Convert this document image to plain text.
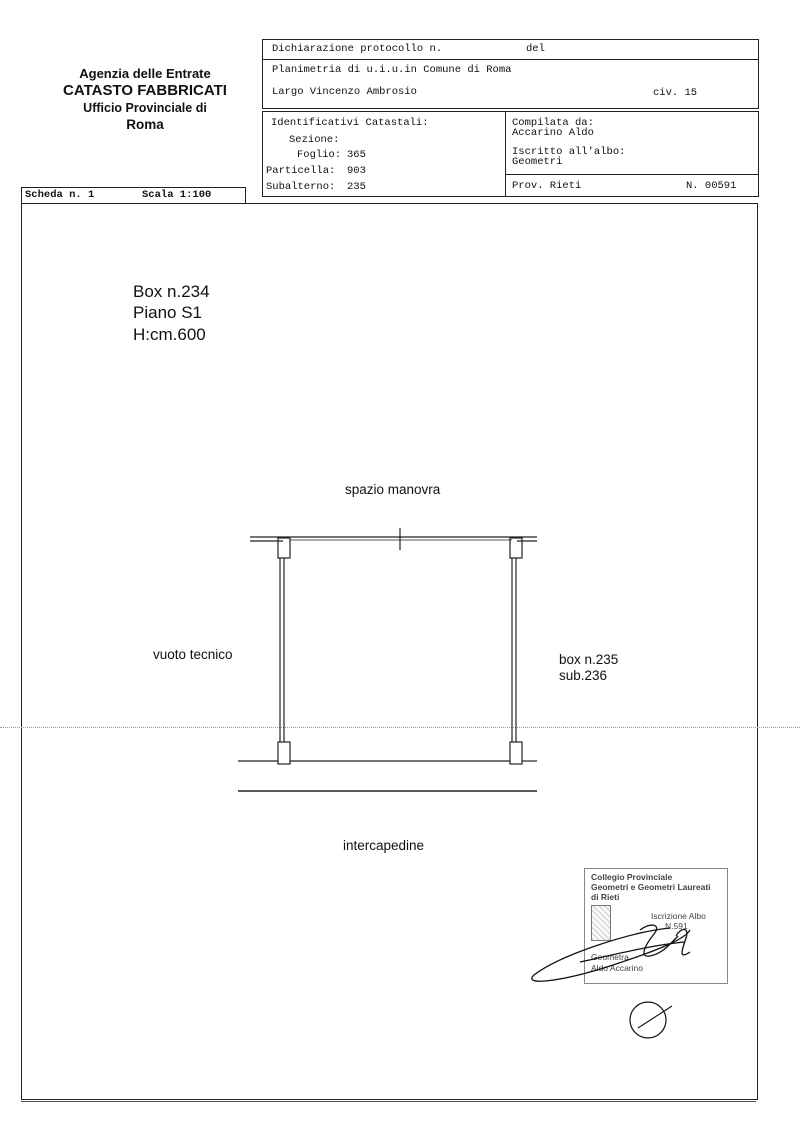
Agenzia delle Entrate
CATASTO FABBRICATI
Ufficio Provinciale di
Roma
Dichiarazione protocollo n.	del
Planimetria di u.i.u.in Comune di Roma
Largo Vincenzo Ambrosio	civ. 15
Identificativi Catastali:
Sezione:
Foglio: 365
Particella: 903
Subalterno: 235
Compilata da:
Accarino Aldo
Iscritto all'albo:
Geometri
Prov. Rieti	N. 00591
Scheda n. 1	Scala 1:100
Box n.234
Piano S1
H:cm.600
spazio manovra
vuoto tecnico	box n.235
sub.236
intercapedine
Collegio Provinciale
Geometri e Geometri Laureati
di Rieti
Iscrizione Albo
N.591
Geometra
Aldo Accarino
